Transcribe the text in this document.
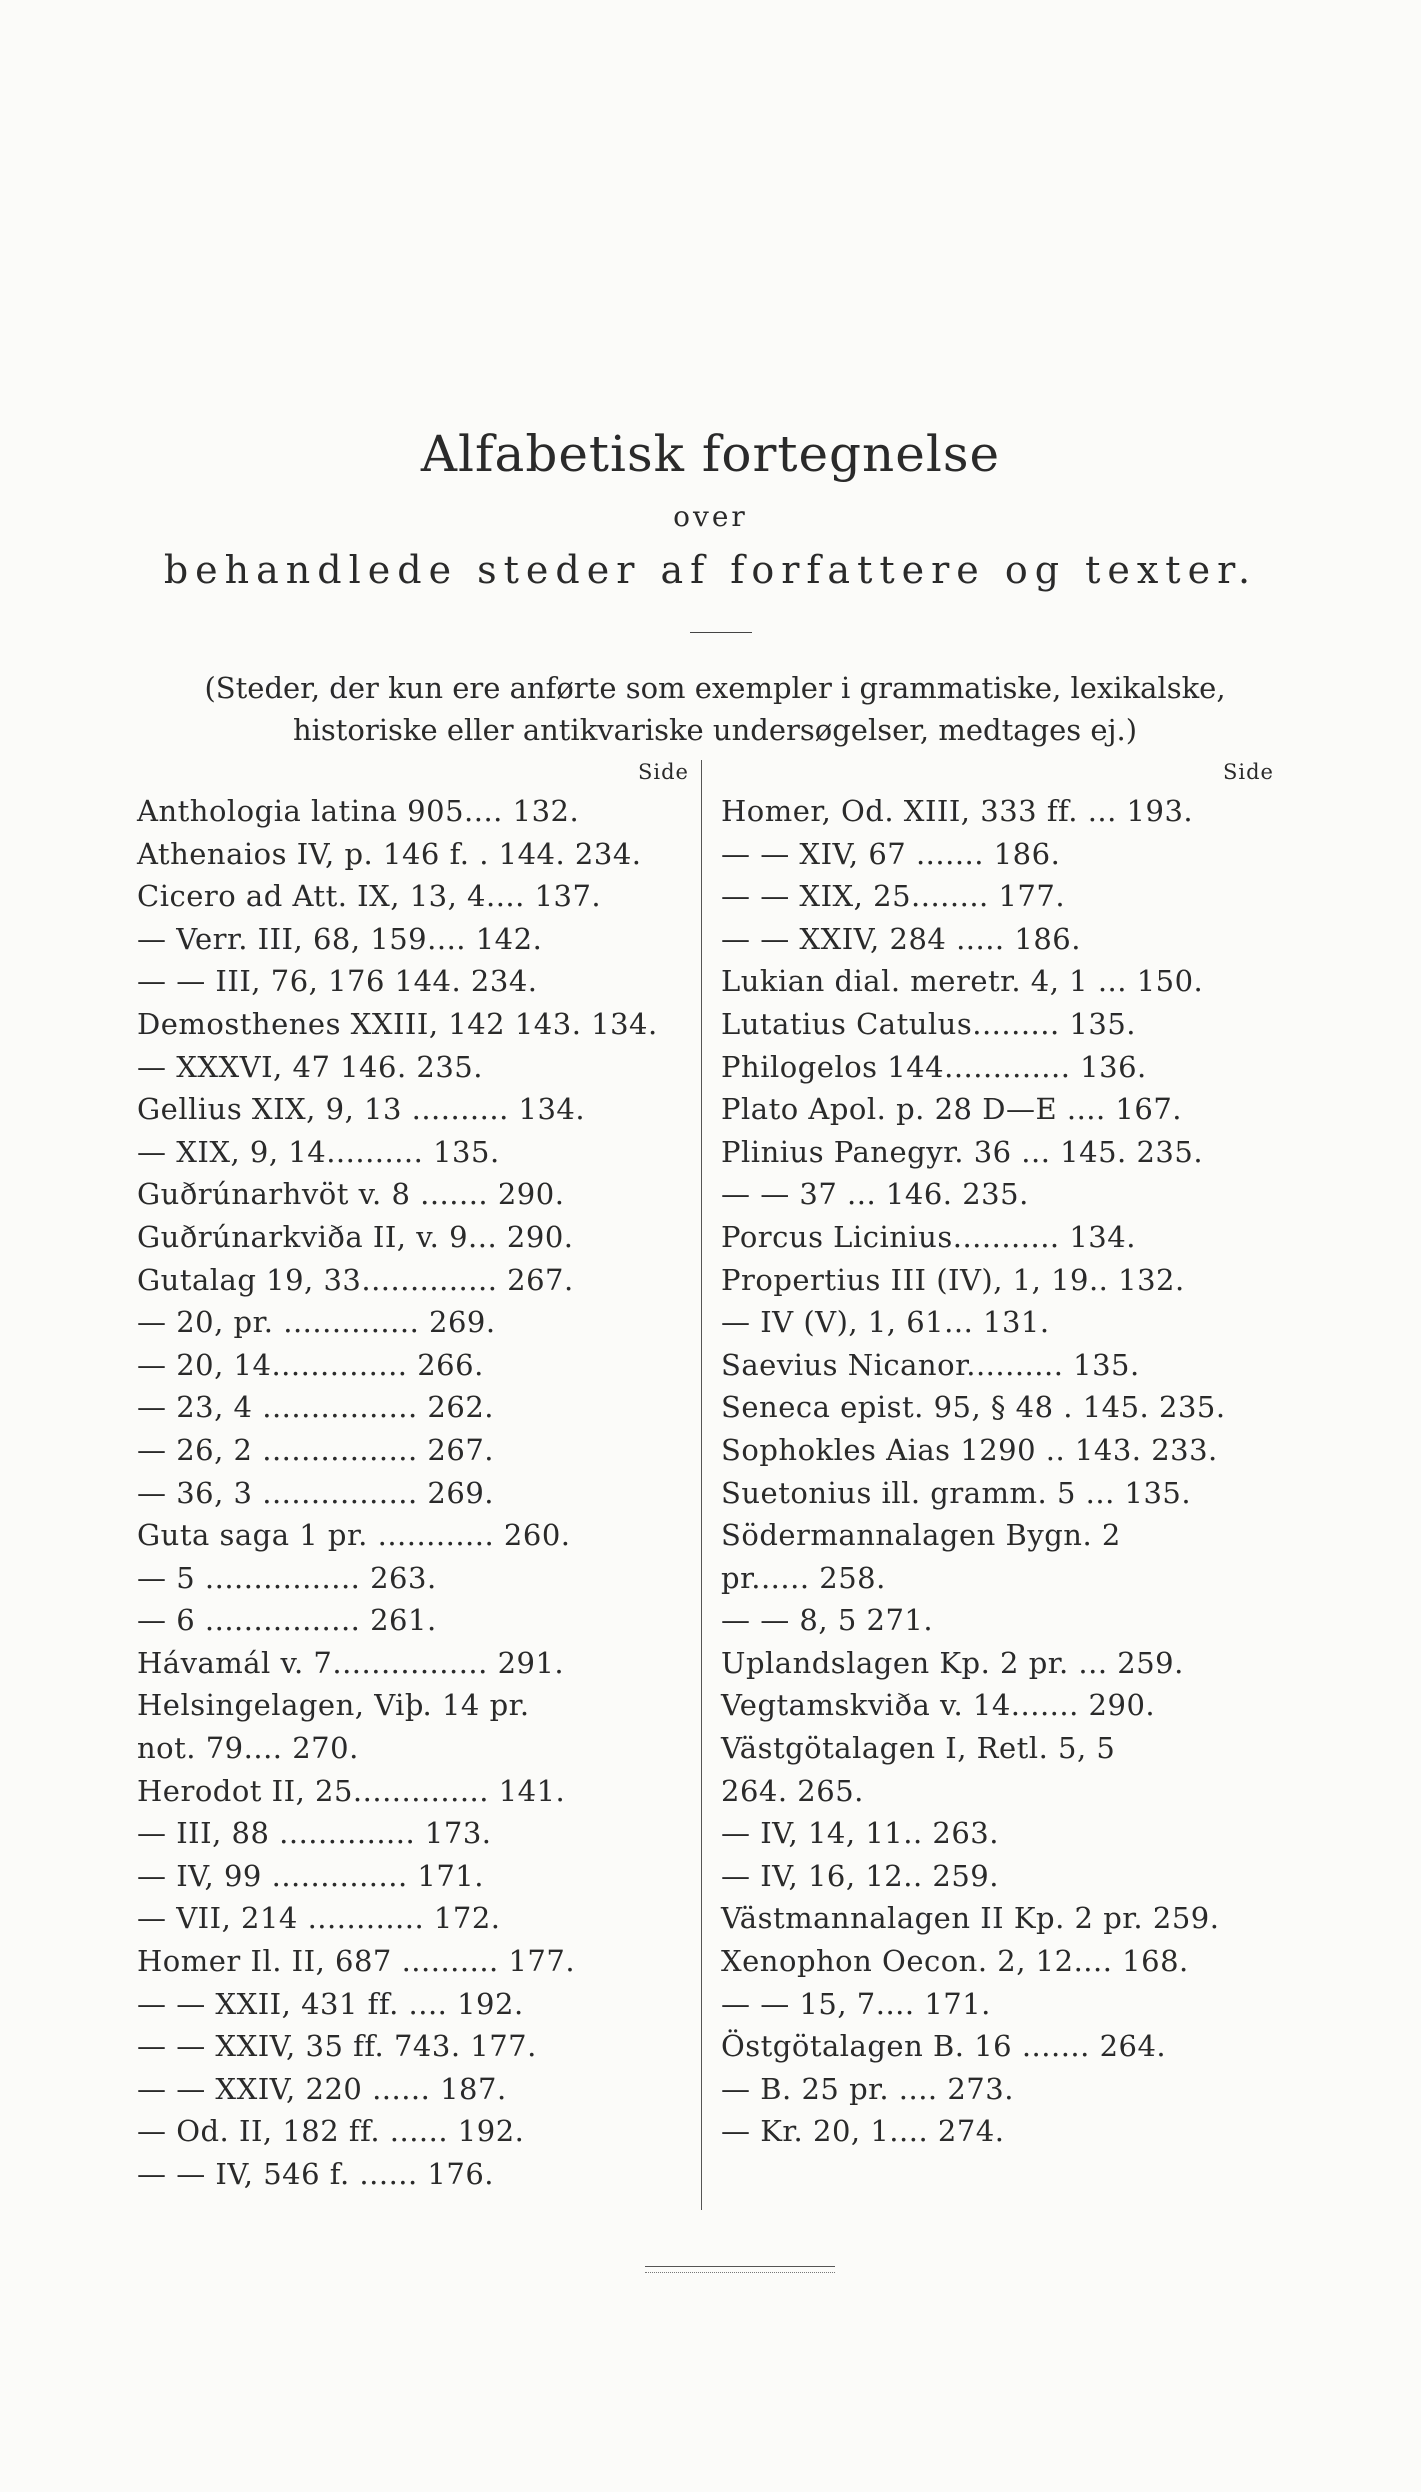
Alfabetisk fortegnelse
over
behandlede steder af forfattere og texter.
(Steder, der kun ere anførte som exempler i grammatiske, lexikalske, historiske eller antikvariske undersøgelser, medtages ej.)
Side
Anthologia latina 905.... 132.
Athenaios IV, p. 146 f. . 144. 234.
Cicero ad Att. IX, 13, 4.... 137.
— Verr. III, 68, 159.... 142.
— — III, 76, 176 144. 234.
Demosthenes XXIII, 142 143. 134.
— XXXVI, 47 146. 235.
Gellius XIX, 9, 13 .......... 134.
— XIX, 9, 14.......... 135.
Guðrúnarhvöt v. 8 ....... 290.
Guðrúnarkviða II, v. 9... 290.
Gutalag 19, 33.............. 267.
— 20, pr. .............. 269.
— 20, 14.............. 266.
— 23, 4 ................ 262.
— 26, 2 ................ 267.
— 36, 3 ................ 269.
Guta saga 1 pr. ............ 260.
— 5 ................ 263.
— 6 ................ 261.
Hávamál v. 7................ 291.
Helsingelagen, Viþ. 14 pr.
not. 79.... 270.
Herodot II, 25.............. 141.
— III, 88 .............. 173.
— IV, 99 .............. 171.
— VII, 214 ............ 172.
Homer Il. II, 687 .......... 177.
— — XXII, 431 ff. .... 192.
— — XXIV, 35 ff. 743. 177.
— — XXIV, 220 ...... 187.
— Od. II, 182 ff. ...... 192.
— — IV, 546 f. ...... 176.
Side
Homer, Od. XIII, 333 ff. ... 193.
— — XIV, 67 ....... 186.
— — XIX, 25........ 177.
— — XXIV, 284 ..... 186.
Lukian dial. meretr. 4, 1 ... 150.
Lutatius Catulus......... 135.
Philogelos 144............. 136.
Plato Apol. p. 28 D—E .... 167.
Plinius Panegyr. 36 ... 145. 235.
— — 37 ... 146. 235.
Porcus Licinius........... 134.
Propertius III (IV), 1, 19.. 132.
— IV (V), 1, 61... 131.
Saevius Nicanor.......... 135.
Seneca epist. 95, § 48 . 145. 235.
Sophokles Aias 1290 .. 143. 233.
Suetonius ill. gramm. 5 ... 135.
Södermannalagen Bygn. 2
pr...... 258.
— — 8, 5 271.
Uplandslagen Kp. 2 pr. ... 259.
Vegtamskviða v. 14....... 290.
Västgötalagen I, Retl. 5, 5
264. 265.
— IV, 14, 11.. 263.
— IV, 16, 12.. 259.
Västmannalagen II Kp. 2 pr. 259.
Xenophon Oecon. 2, 12.... 168.
— — 15, 7.... 171.
Östgötalagen B. 16 ....... 264.
— B. 25 pr. .... 273.
— Kr. 20, 1.... 274.
